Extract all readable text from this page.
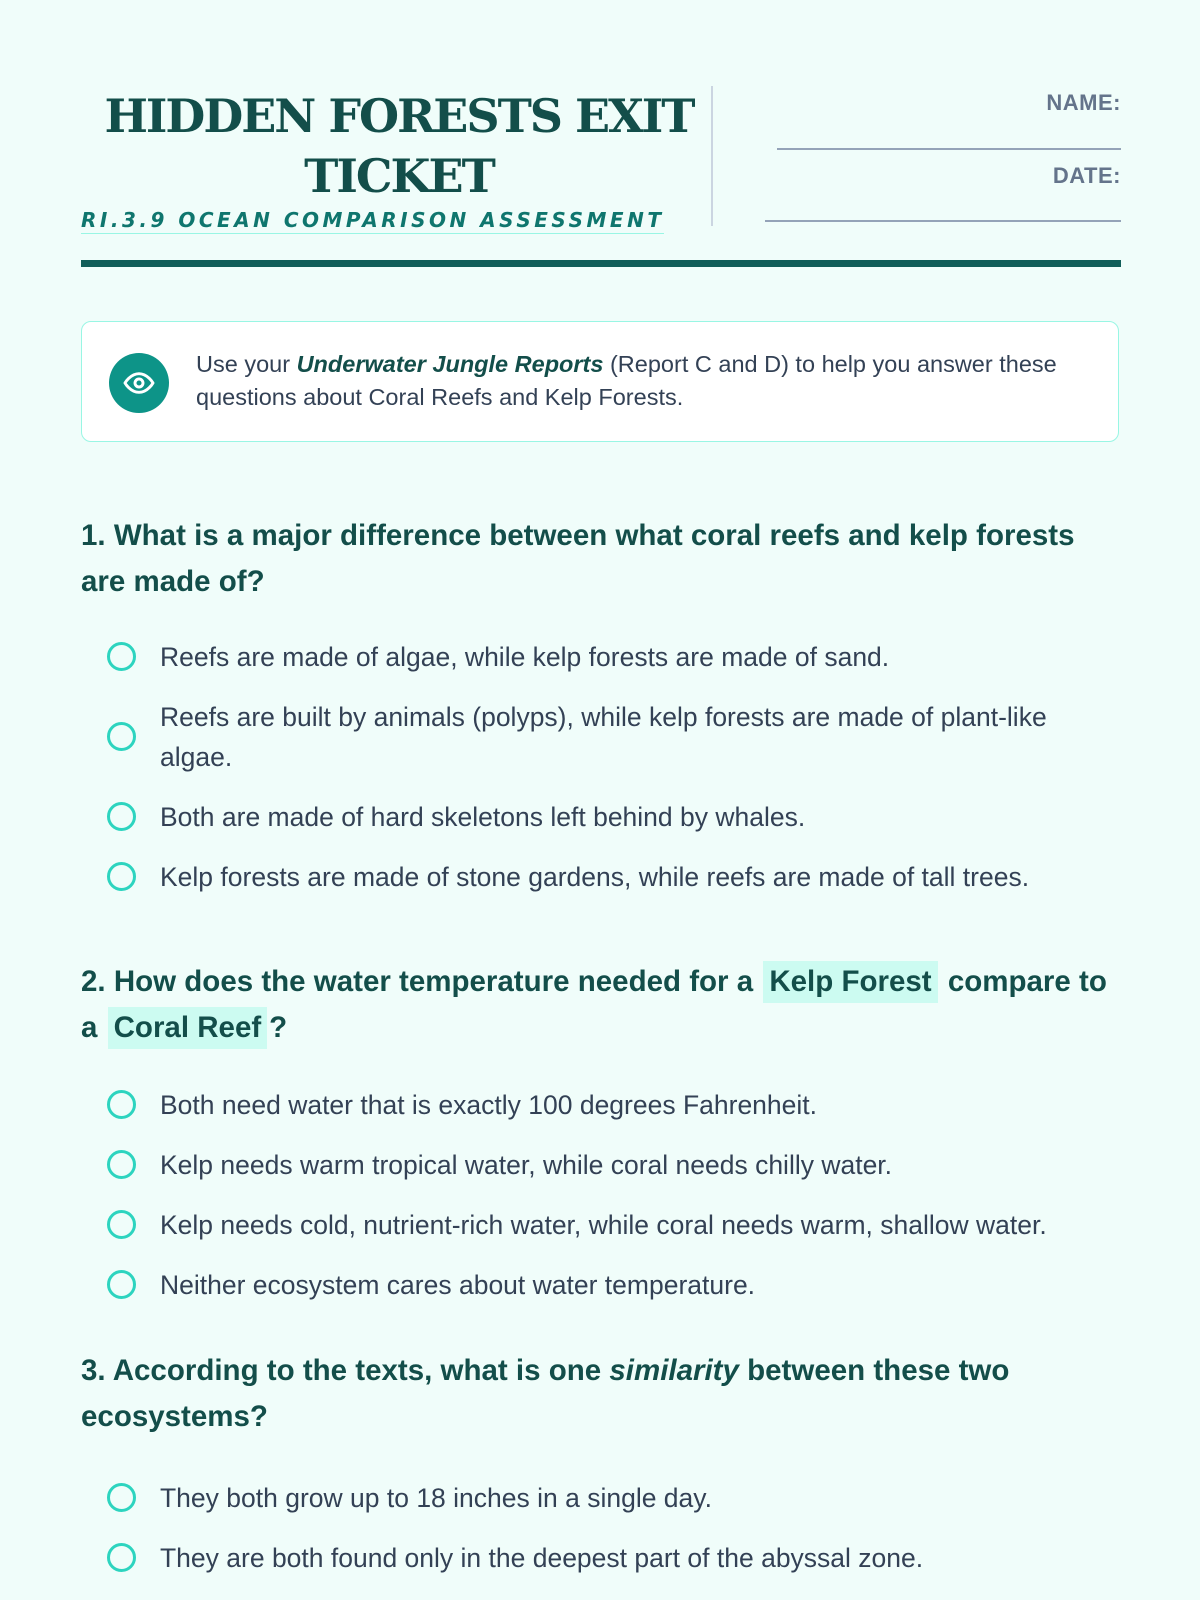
HIDDEN FORESTS EXIT TICKET
RI.3.9 OCEAN COMPARISON ASSESSMENT
NAME:
DATE:
Use your Underwater Jungle Reports (Report C and D) to help you answer these questions about Coral Reefs and Kelp Forests.

1. What is a major difference between what coral reefs and kelp forests are made of?

Reefs are made of algae, while kelp forests are made of sand.
Reefs are built by animals (polyps), while kelp forests are made of plant-like algae.
Both are made of hard skeletons left behind by whales.
Kelp forests are made of stone gardens, while reefs are made of tall trees.

2. How does the water temperature needed for a Kelp Forest compare to a Coral Reef ?

Both need water that is exactly 100 degrees Fahrenheit.
Kelp needs warm tropical water, while coral needs chilly water.
Kelp needs cold, nutrient-rich water, while coral needs warm, shallow water.
Neither ecosystem cares about water temperature.

3. According to the texts, what is one similarity between these two ecosystems?

They both grow up to 18 inches in a single day.
They are both found only in the deepest part of the abyssal zone.
